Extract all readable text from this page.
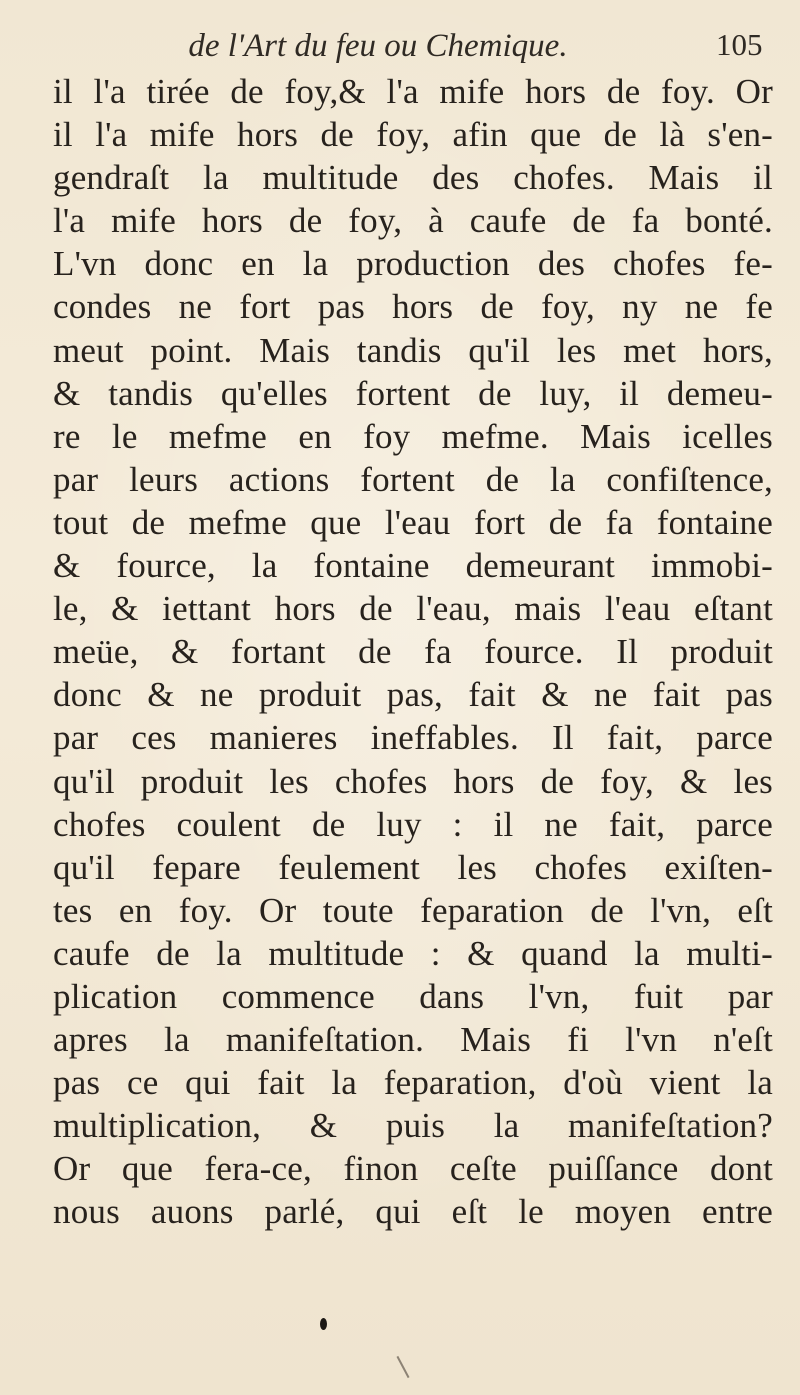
de l'Art du feu ou Chemique.	105
il l'a tirée de foy,& l'a mife hors de foy. Or
il l'a mife hors de foy, afin que de là s'en-
gendraſt la multitude des chofes. Mais il
l'a mife hors de foy, à caufe de fa bonté.
L'vn donc en la production des chofes fe-
condes ne fort pas hors de foy, ny ne fe
meut point. Mais tandis qu'il les met hors,
& tandis qu'elles fortent de luy, il demeu-
re le mefme en foy mefme. Mais icelles
par leurs actions fortent de la confiſtence,
tout de mefme que l'eau fort de fa fontaine
& fource, la fontaine demeurant immobi-
le, & iettant hors de l'eau, mais l'eau eſtant
meüe, & fortant de fa fource. Il produit
donc & ne produit pas, fait & ne fait pas
par ces manieres ineffables. Il fait, parce
qu'il produit les chofes hors de foy, & les
chofes coulent de luy : il ne fait, parce
qu'il fepare feulement les chofes exiſten-
tes en foy. Or toute feparation de l'vn, eſt
caufe de la multitude : & quand la multi-
plication commence dans l'vn, fuit par
apres la manifeſtation. Mais fi l'vn n'eſt
pas ce qui fait la feparation, d'où vient la
multiplication, & puis la manifeſtation?
Or que fera-ce, finon ceſte puiſſance dont
nous auons parlé, qui eſt le moyen entre
